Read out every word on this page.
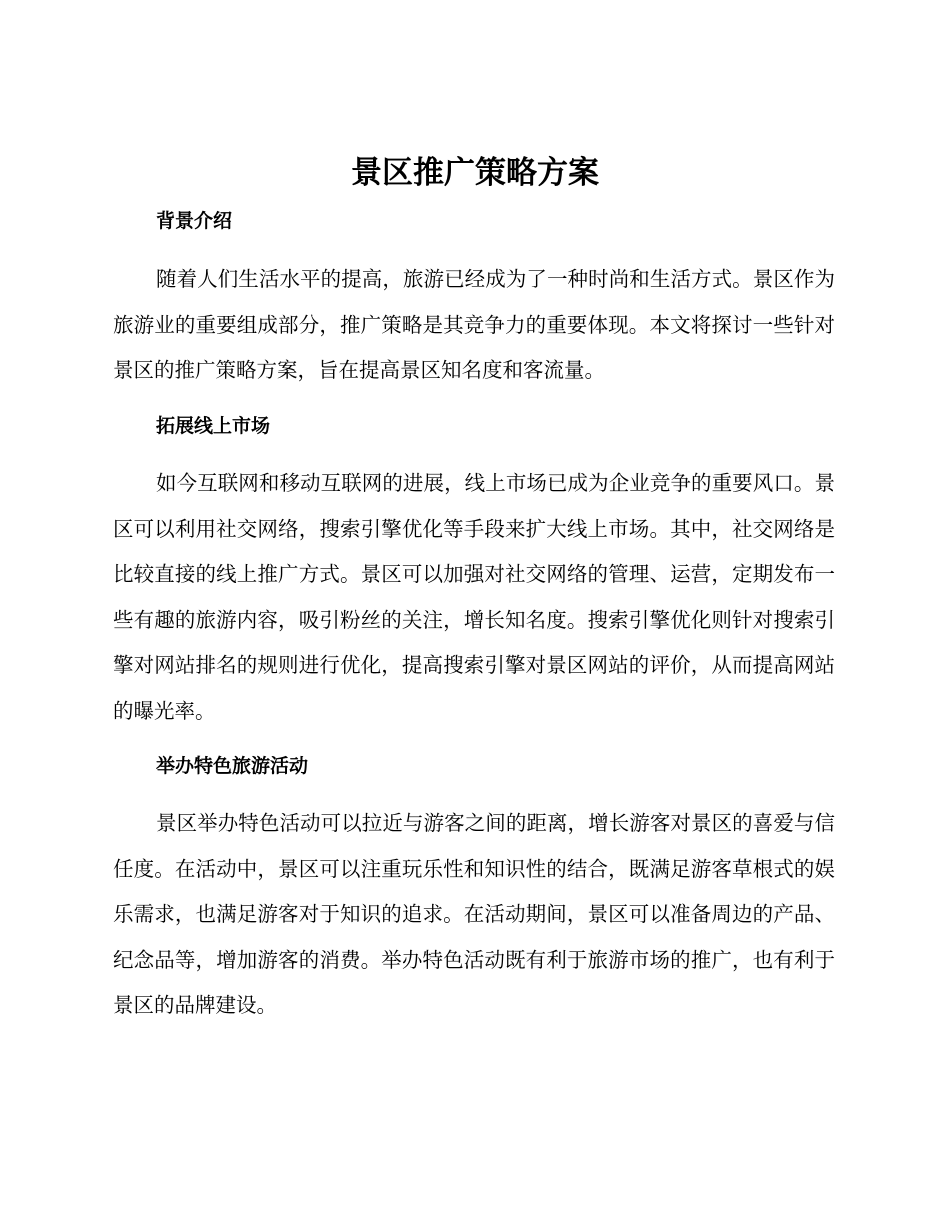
景区推广策略方案
背景介绍

随着人们生活水平的提高，旅游已经成为了一种时尚和生活方式。景区作为旅游业的重要组成部分，推广策略是其竞争力的重要体现。本文将探讨一些针对景区的推广策略方案，旨在提高景区知名度和客流量。

拓展线上市场

如今互联网和移动互联网的进展，线上市场已成为企业竞争的重要风口。景区可以利用社交网络，搜索引擎优化等手段来扩大线上市场。其中，社交网络是比较直接的线上推广方式。景区可以加强对社交网络的管理、运营，定期发布一些有趣的旅游内容，吸引粉丝的关注，增长知名度。搜索引擎优化则针对搜索引擎对网站排名的规则进行优化，提高搜索引擎对景区网站的评价，从而提高网站的曝光率。

举办特色旅游活动

景区举办特色活动可以拉近与游客之间的距离，增长游客对景区的喜爱与信任度。在活动中，景区可以注重玩乐性和知识性的结合，既满足游客草根式的娱乐需求，也满足游客对于知识的追求。在活动期间，景区可以准备周边的产品、纪念品等，增加游客的消费。举办特色活动既有利于旅游市场的推广，也有利于景区的品牌建设。
